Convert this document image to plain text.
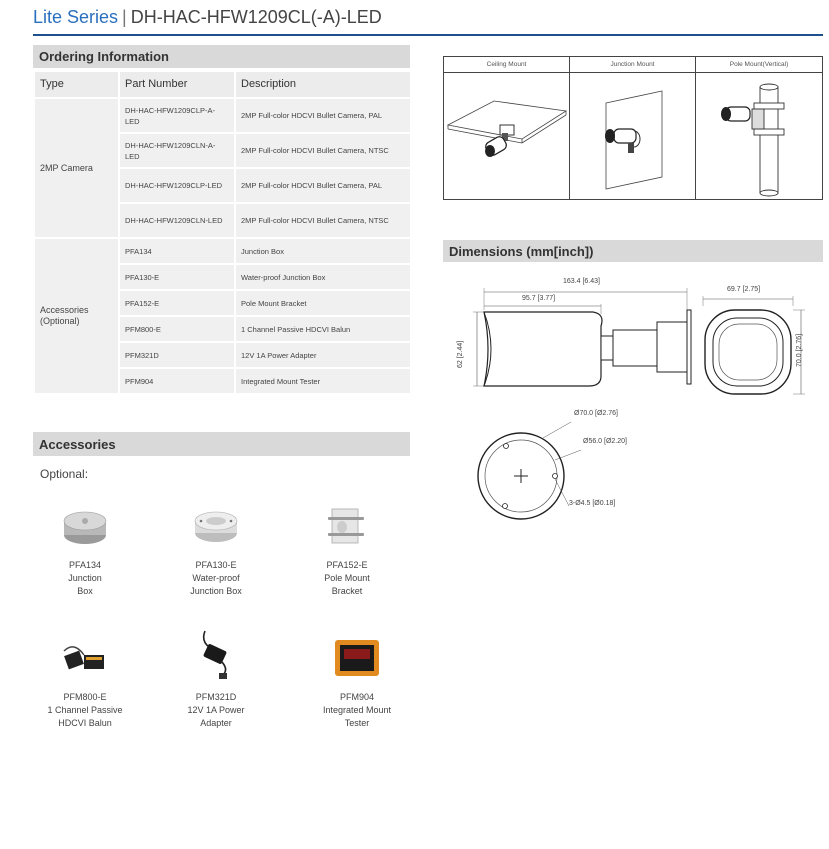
Lite Series | DH-HAC-HFW1209CL(-A)-LED
Ordering Information
Type	Part Number	Description
2MP Camera	DH-HAC-HFW1209CLP-A-LED	2MP Full-color HDCVI Bullet Camera, PAL
	DH-HAC-HFW1209CLN-A-LED	2MP Full-color HDCVI Bullet Camera, NTSC
	DH-HAC-HFW1209CLP-LED	2MP Full-color HDCVI Bullet Camera, PAL
	DH-HAC-HFW1209CLN-LED	2MP Full-color HDCVI Bullet Camera, NTSC
Accessories (Optional)	PFA134	Junction Box
	PFA130-E	Water-proof Junction Box
	PFA152-E	Pole Mount Bracket
	PFM800-E	1 Channel Passive HDCVI Balun
	PFM321D	12V 1A Power Adapter
	PFM904	Integrated Mount Tester
Accessories
Optional:
PFA134
Junction
Box
PFA130-E
Water-proof
Junction Box
PFA152-E
Pole Mount
Bracket
PFM800-E
1 Channel Passive
HDCVI Balun
PFM321D
12V 1A Power
Adapter
PFM904
Integrated Mount
Tester
Ceiling Mount	Junction Mount	Pole Mount(Vertical)
Dimensions (mm[inch])
163.4 [6.43]
95.7 [3.77]
62 [2.44]
69.7 [2.75]
70.0 [2.76]
Ø70.0 [Ø2.76]
Ø56.0 [Ø2.20]
3-Ø4.5 [Ø0.18]
